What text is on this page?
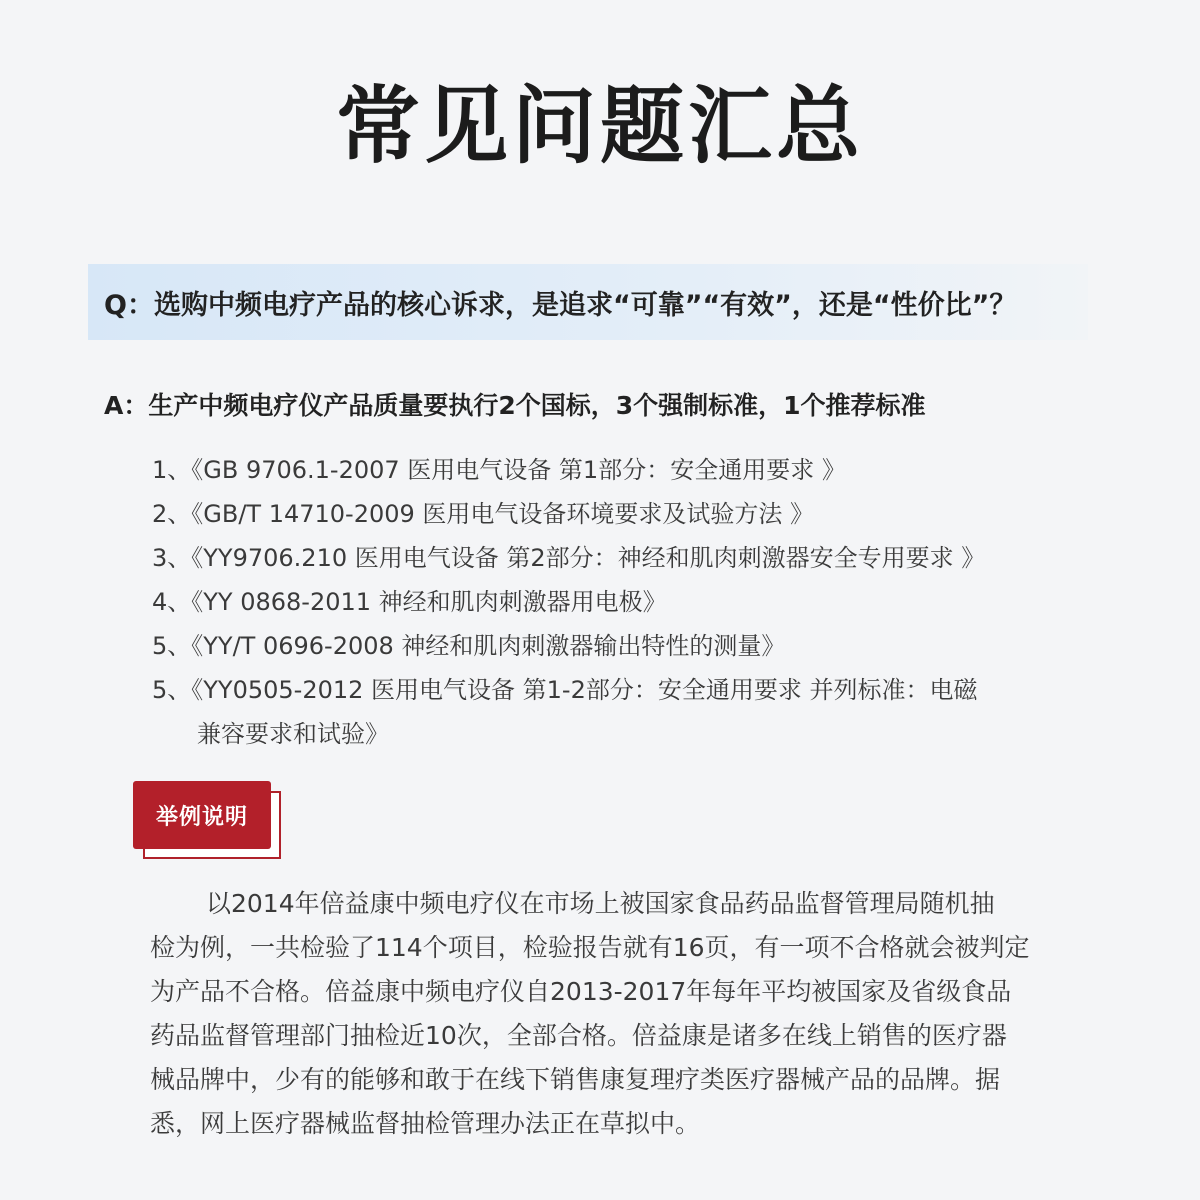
常见问题汇总
Q：选购中频电疗产品的核心诉求，是追求“可靠”“有效”，还是“性价比”？
A：生产中频电疗仪产品质量要执行2个国标，3个强制标准，1个推荐标准
1、《GB 9706.1-2007 医用电气设备 第1部分：安全通用要求 》
2、《GB/T 14710-2009 医用电气设备环境要求及试验方法 》
3、《YY9706.210 医用电气设备 第2部分：神经和肌肉刺激器安全专用要求 》
4、《YY 0868-2011 神经和肌肉刺激器用电极》
5、《YY/T 0696-2008 神经和肌肉刺激器输出特性的测量》
5、《YY0505-2012 医用电气设备 第1-2部分：安全通用要求 并列标准：电磁
兼容要求和试验》
举例说明
以2014年倍益康中频电疗仪在市场上被国家食品药品监督管理局随机抽
检为例，一共检验了114个项目，检验报告就有16页，有一项不合格就会被判定
为产品不合格。倍益康中频电疗仪自2013-2017年每年平均被国家及省级食品
药品监督管理部门抽检近10次，全部合格。倍益康是诸多在线上销售的医疗器
械品牌中，少有的能够和敢于在线下销售康复理疗类医疗器械产品的品牌。据
悉，网上医疗器械监督抽检管理办法正在草拟中。
